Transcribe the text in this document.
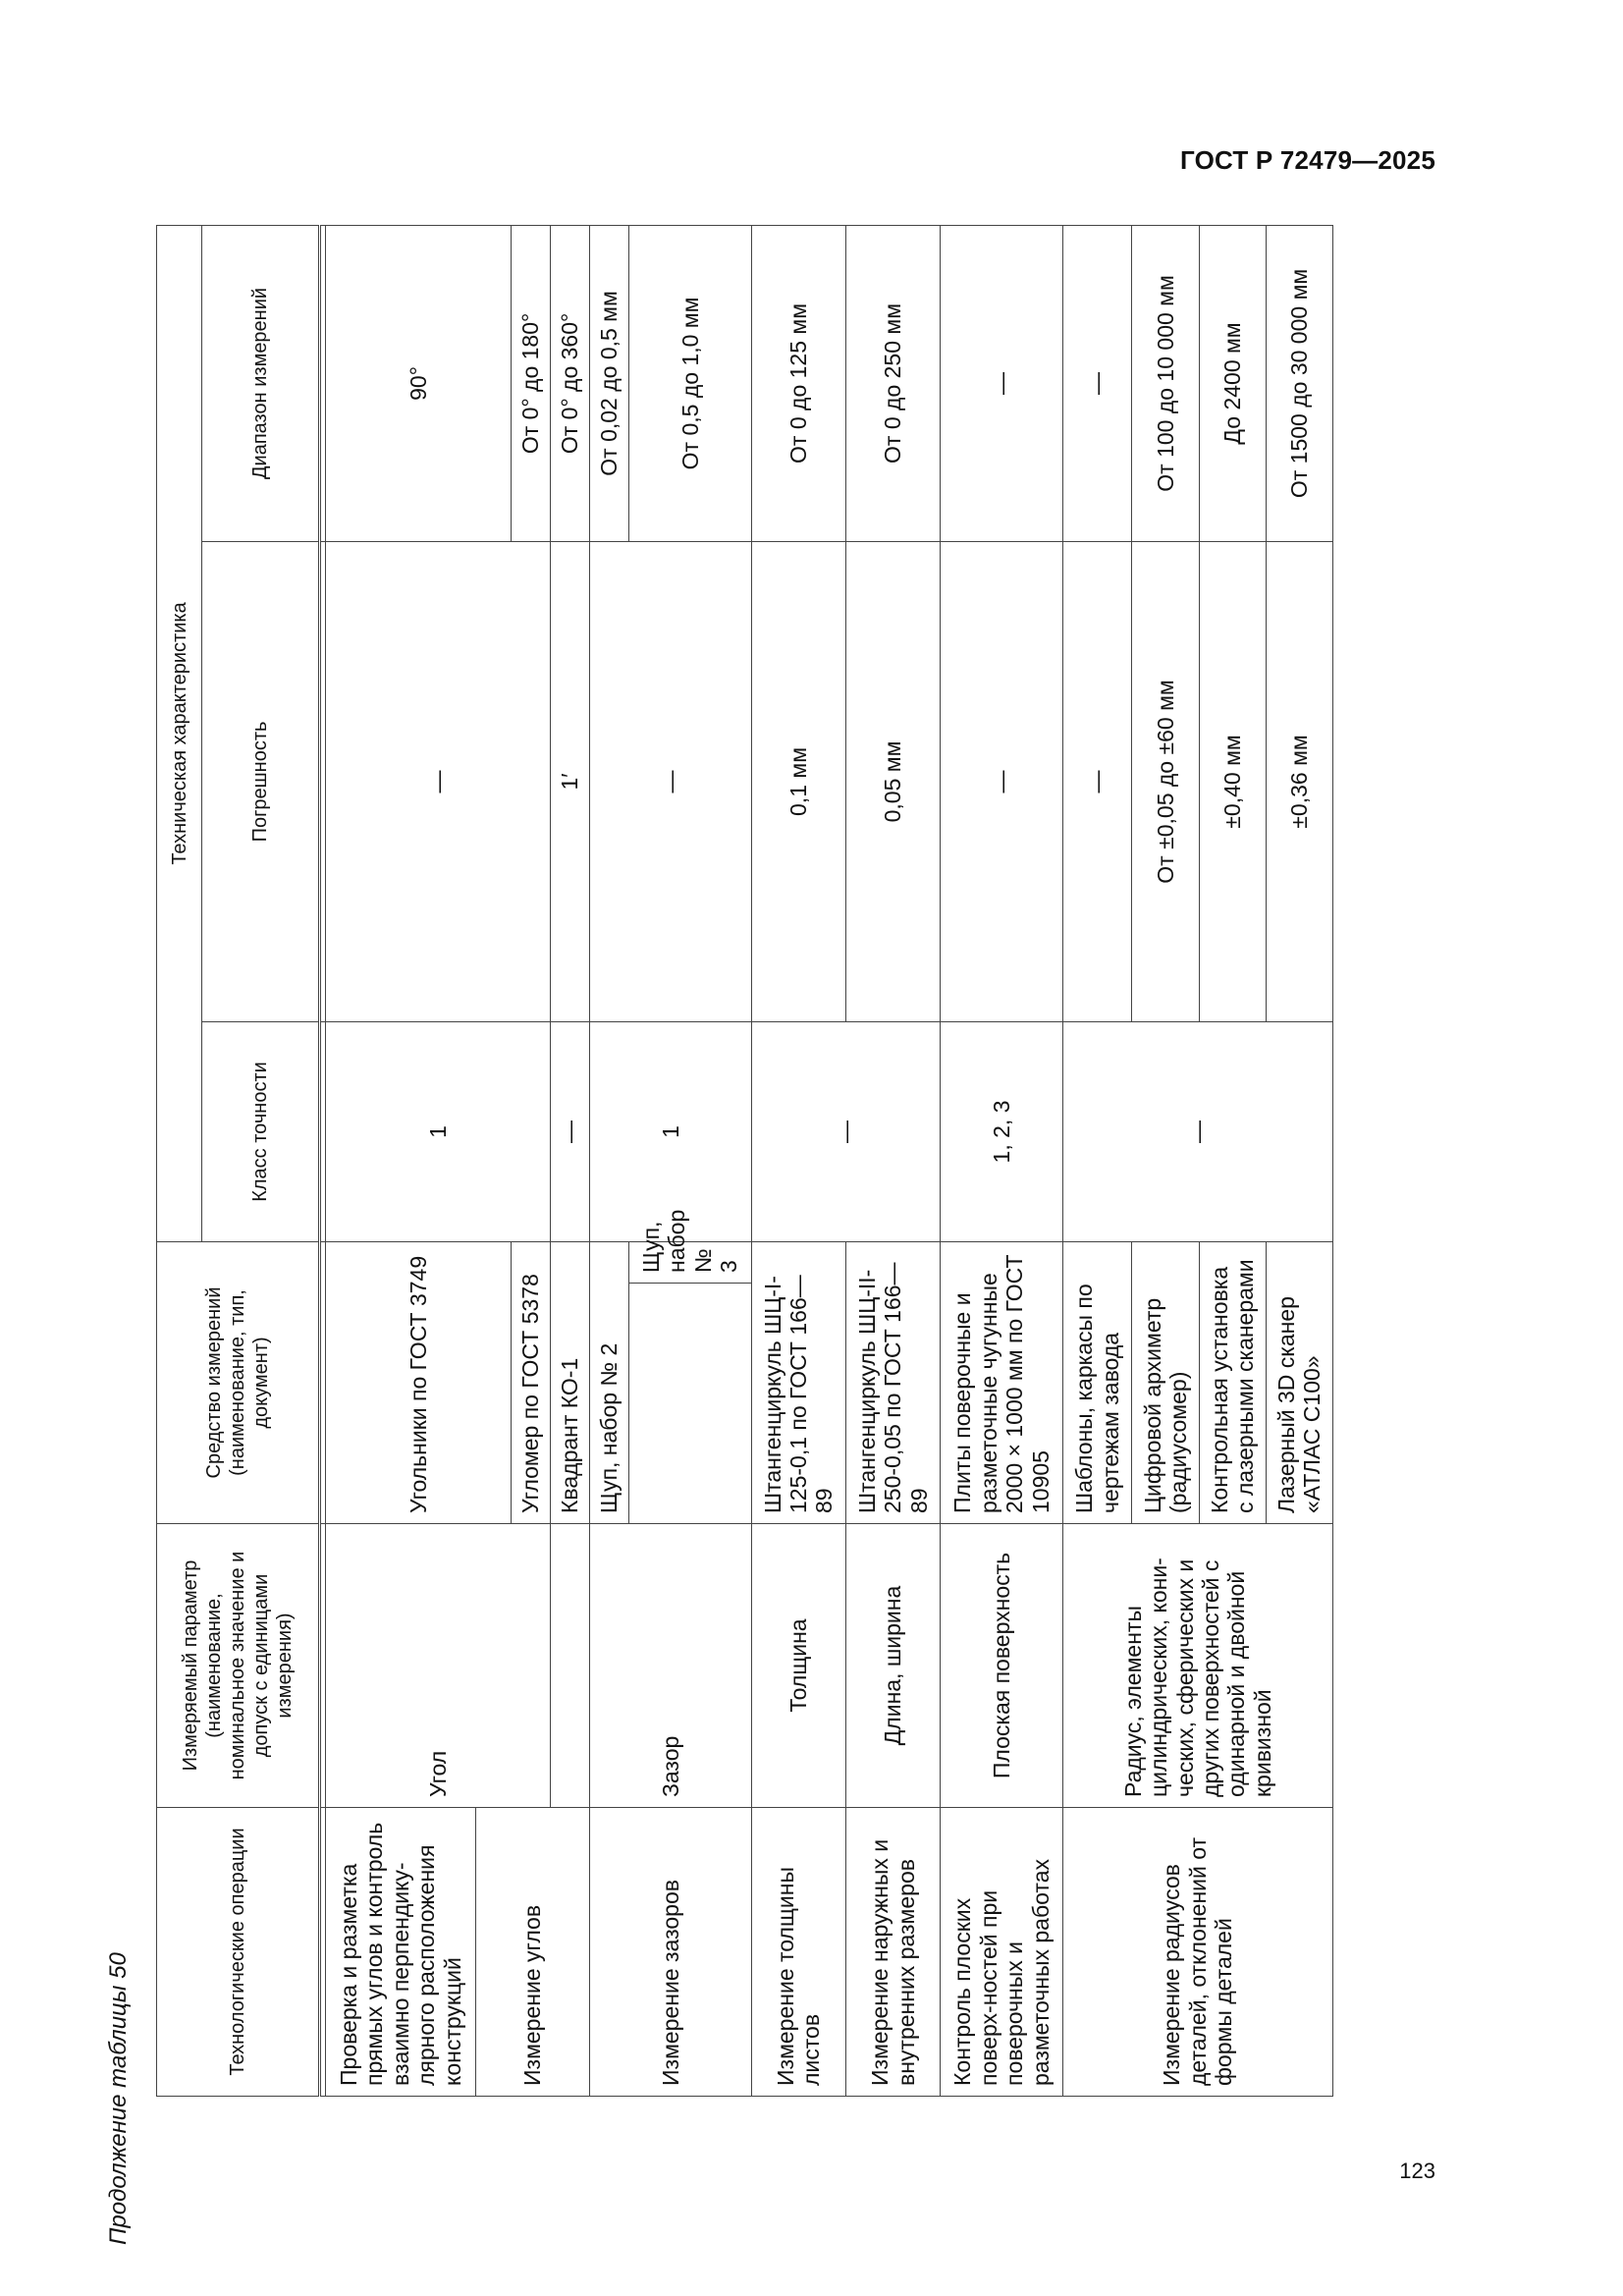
ГОСТ Р 72479—2025
Продолжение таблицы 50
Технологические операции	Измеряемый параметр (наименование, номинальное значение и допуск с единицами измерения)	Средство измерений (наименование, тип, документ)		Техническая характеристика		
				Класс точности	Погрешность	Диапазон измерений

Проверка и разметка прямых углов и контроль взаимно перпендику-лярного расположения конструкций	Угол	Угольники по ГОСТ 3749		1	—	90°
Измерение углов						
		Угломер по ГОСТ 5378				От 0° до 180°
		Квадрант КО-1		—	1′	От 0° до 360°
Измерение зазоров	Зазор	Щуп, набор № 2		1	—	От 0,02 до 0,5 мм
			Щуп, набор № 3			От 0,5 до 1,0 мм
Измерение толщины листов	Толщина	Штангенциркуль ШЦ-I-125-0,1 по ГОСТ 166—89		—	0,1 мм	От 0 до 125 мм
Измерение наружных и внутренних размеров	Длина, ширина	Штангенциркуль ШЦ-II-250-0,05 по ГОСТ 166—89			0,05 мм	От 0 до 250 мм
Контроль плоских поверх-ностей при поверочных и разметочных работах	Плоская поверхность	Плиты поверочные и разметочные чугунные 2000 × 1000 мм по ГОСТ 10905		1, 2, 3	—	—
Измерение радиусов деталей, отклонений от формы деталей	Радиус, элементы цилиндрических, кони-ческих, сферических и других поверхностей с одинарной и двойной кривизной	Шаблоны, каркасы по чертежам завода		—	—	—
		Цифровой архиметр (радиусомер)			От ±0,05 до ±60 мм	От 100 до 10 000 мм
		Контрольная установка с лазерными сканерами			±0,40 мм	До 2400 мм
		Лазерный 3D сканер «АТЛАС С100»			±0,36 мм	От 1500 до 30 000 мм
123
